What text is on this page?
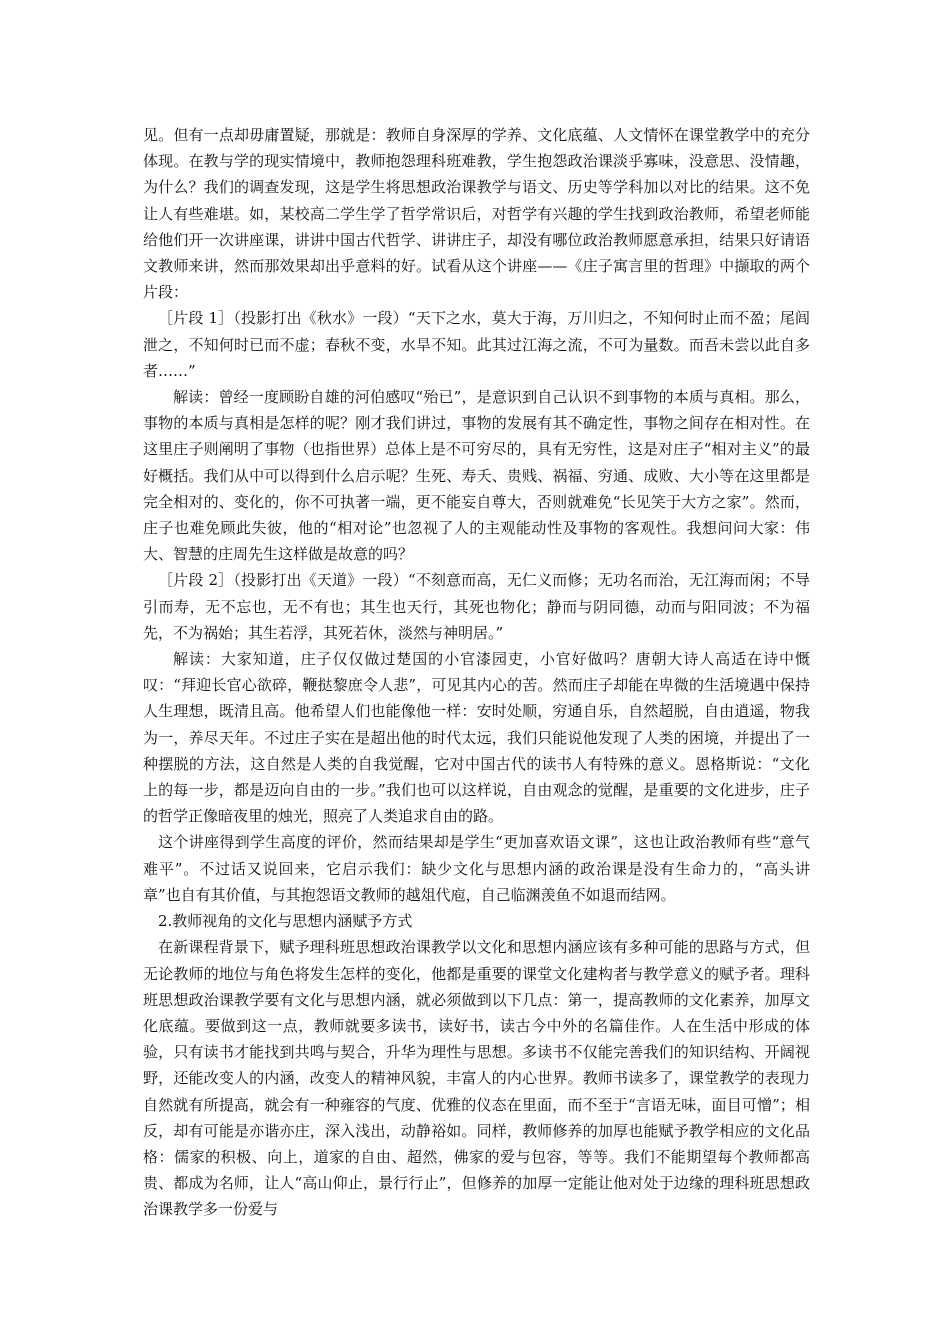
见。但有一点却毋庸置疑，那就是：教师自身深厚的学养、文化底蕴、人文情怀在课堂教学中的充分体现。在教与学的现实情境中，教师抱怨理科班难教，学生抱怨政治课淡乎寡味，没意思、没情趣，为什么？我们的调查发现，这是学生将思想政治课教学与语文、历史等学科加以对比的结果。这不免让人有些难堪。如，某校高二学生学了哲学常识后，对哲学有兴趣的学生找到政治教师，希望老师能给他们开一次讲座课，讲讲中国古代哲学、讲讲庄子，却没有哪位政治教师愿意承担，结果只好请语文教师来讲，然而那效果却出乎意料的好。试看从这个讲座——《庄子寓言里的哲理》中撷取的两个片段：

［片段 1］（投影打出《秋水》一段）“天下之水，莫大于海，万川归之，不知何时止而不盈；尾闾泄之，不知何时已而不虚；春秋不变，水旱不知。此其过江海之流，不可为量数。而吾未尝以此自多者……”

解读：曾经一度顾盼自雄的河伯感叹“殆已”，是意识到自己认识不到事物的本质与真相。那么，事物的本质与真相是怎样的呢？刚才我们讲过，事物的发展有其不确定性，事物之间存在相对性。在这里庄子则阐明了事物（也指世界）总体上是不可穷尽的，具有无穷性，这是对庄子“相对主义”的最好概括。我们从中可以得到什么启示呢？生死、寿夭、贵贱、祸福、穷通、成败、大小等在这里都是完全相对的、变化的，你不可执著一端，更不能妄自尊大，否则就难免“长见笑于大方之家”。然而，庄子也难免顾此失彼，他的“相对论”也忽视了人的主观能动性及事物的客观性。我想问问大家：伟大、智慧的庄周先生这样做是故意的吗？

［片段 2］（投影打出《天道》一段）“不刻意而高，无仁义而修；无功名而治，无江海而闲；不导引而寿，无不忘也，无不有也；其生也天行，其死也物化；静而与阴同德，动而与阳同波；不为福先，不为祸始；其生若浮，其死若休，淡然与神明居。”

解读：大家知道，庄子仅仅做过楚国的小官漆园吏，小官好做吗？唐朝大诗人高适在诗中慨叹：“拜迎长官心欲碎，鞭挞黎庶令人悲”，可见其内心的苦。然而庄子却能在卑微的生活境遇中保持人生理想，既清且高。他希望人们也能像他一样：安时处顺，穷通自乐，自然超脱，自由逍遥，物我为一，养尽天年。不过庄子实在是超出他的时代太远，我们只能说他发现了人类的困境，并提出了一种摆脱的方法，这自然是人类的自我觉醒，它对中国古代的读书人有特殊的意义。恩格斯说：“文化上的每一步，都是迈向自由的一步。”我们也可以这样说，自由观念的觉醒，是重要的文化进步，庄子的哲学正像暗夜里的烛光，照亮了人类追求自由的路。

这个讲座得到学生高度的评价，然而结果却是学生“更加喜欢语文课”，这也让政治教师有些“意气难平”。不过话又说回来，它启示我们：缺少文化与思想内涵的政治课是没有生命力的，“高头讲章”也自有其价值，与其抱怨语文教师的越俎代庖，自己临渊羡鱼不如退而结网。

2.教师视角的文化与思想内涵赋予方式

在新课程背景下，赋予理科班思想政治课教学以文化和思想内涵应该有多种可能的思路与方式，但无论教师的地位与角色将发生怎样的变化，他都是重要的课堂文化建构者与教学意义的赋予者。理科班思想政治课教学要有文化与思想内涵，就必须做到以下几点：第一，提高教师的文化素养，加厚文化底蕴。要做到这一点，教师就要多读书，读好书，读古今中外的名篇佳作。人在生活中形成的体验，只有读书才能找到共鸣与契合，升华为理性与思想。多读书不仅能完善我们的知识结构、开阔视野，还能改变人的内涵，改变人的精神风貌，丰富人的内心世界。教师书读多了，课堂教学的表现力自然就有所提高，就会有一种雍容的气度、优雅的仪态在里面，而不至于“言语无味，面目可憎”；相反，却有可能是亦谐亦庄，深入浅出，动静裕如。同样，教师修养的加厚也能赋予教学相应的文化品格：儒家的积极、向上，道家的自由、超然，佛家的爱与包容，等等。我们不能期望每个教师都高贵、都成为名师，让人“高山仰止，景行行止”，但修养的加厚一定能让他对处于边缘的理科班思想政治课教学多一份爱与
